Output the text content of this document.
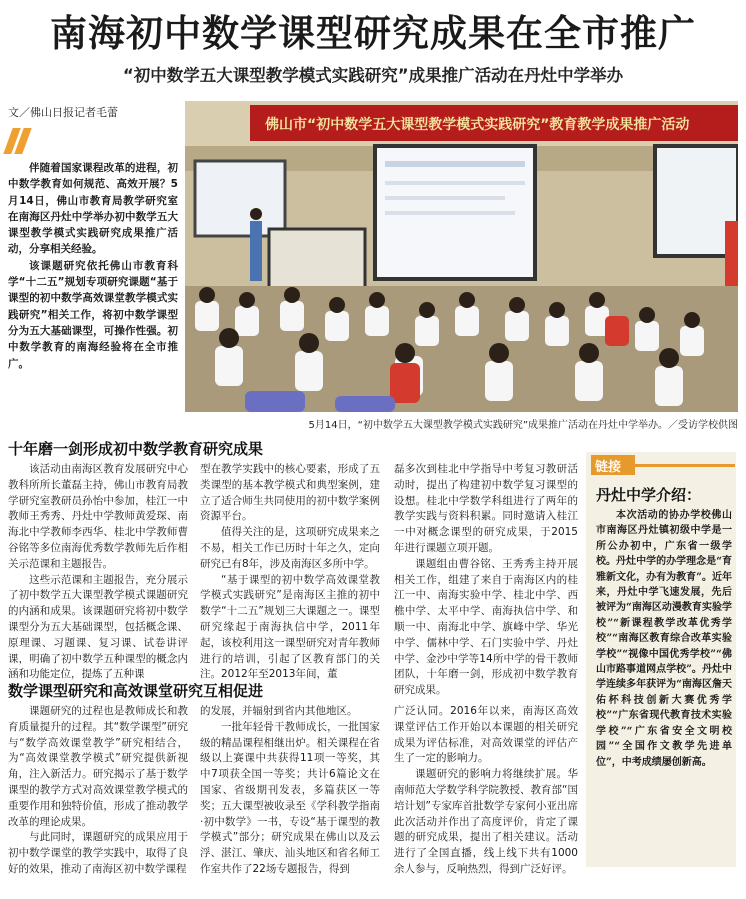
南海初中数学课型研究成果在全市推广
“初中数学五大课型教学模式实践研究”成果推广活动在丹灶中学举办
文／佛山日报记者毛蕾

伴随着国家课程改革的进程，初中数学教育如何规范、高效开展？5月14日，佛山市教育局教学研究室在南海区丹灶中学举办初中数学五大课型教学模式实践研究成果推广活动，分享相关经验。

该课题研究依托佛山市教育科学“十二五”规划专项研究课题“基于课型的初中数学高效课堂教学模式实践研究”相关工作，将初中数学课型分为五大基础课型，可操作性强。初中数学教育的南海经验将在全市推广。

佛山市“初中数学五大课型教学模式实践研究”教育教学成果推广活动
5月14日，“初中数学五大课型教学模式实践研究”成果推广活动在丹灶中学举办。／受访学校供图
十年磨一剑形成初中数学教育研究成果

该活动由南海区教育发展研究中心教科所所长董磊主持，佛山市教育局教学研究室教研员孙怡中参加，桂江一中教师王秀秀、丹灶中学教师黄爱琛、南海北中学教师李西华、桂北中学教师曹谷铭等多位南海优秀数学教师先后作相关示范课和主题报告。

这些示范课和主题报告，充分展示了初中数学五大课型教学模式课题研究的内涵和成果。该课题研究将初中数学课型分为五大基础课型，包括概念课、原理课、习题课、复习课、试卷讲评课，明确了初中数学五种课型的概念内涵和功能定位，提炼了五种课

型在教学实践中的核心要素，形成了五类课型的基本教学模式和典型案例，建立了适合师生共同使用的初中数学案例资源平台。

值得关注的是，这项研究成果来之不易，相关工作已历时十年之久，定向研究已有8年，涉及南海区多所中学。

“基于课型的初中数学高效课堂教学模式实践研究”是南海区主推的初中数学“十二五”规划三大课题之一。课型研究缘起于南海执信中学，2011年起，该校利用这一课型研究对青年教师进行的培训，引起了区教育部门的关注。2012年至2013年间，董

磊多次到桂北中学指导中考复习教研活动时，提出了构建初中数学复习课型的设想。桂北中学数学科组进行了两年的教学实践与资料积累。同时邀请入桂江一中对概念课型的研究成果，于2015年进行课题立项开题。

课题组由曹谷铭、王秀秀主持开展相关工作，组建了来自于南海区内的桂江一中、南海实验中学、桂北中学、西樵中学、太平中学、南海执信中学、和顺一中、南海北中学、旗峰中学、华光中学、儒林中学、石门实验中学、丹灶中学、金沙中学等14所中学的骨干教师团队，十年磨一剑，形成初中数学教育研究成果。

数学课型研究和高效课堂研究互相促进

课题研究的过程也是教师成长和教育质量提升的过程。其“数学课型”研究与“数学高效课堂教学”研究相结合，为“高效课堂教学模式”研究提供新视角，注入新活力。研究揭示了基于数学课型的教学方式对高效课堂教学模式的重要作用和独特价值，形成了推动教学改革的理论成果。

与此同时，课题研究的成果应用于初中数学课堂的教学实践中，取得了良好的效果，推动了南海区初中数学课程

的发展，并辐射到省内其他地区。

一批年轻骨干教师成长，一批国家级的精品课程相继出炉。相关课程在省级以上赛课中共获得11项一等奖，其中7项获全国一等奖；共计6篇论文在国家、省级期刊发表，多篇获区一等奖；五大课型被收录至《学科教学指南·初中数学》一书，专设“基于课型的教学模式”部分；研究成果在佛山以及云浮、湛江、肇庆、汕头地区和省名师工作室共作了22场专题报告，得到

广泛认同。2016年以来，南海区高效课堂评估工作开始以本课题的相关研究成果为评估标准，对高效课堂的评估产生了一定的影响力。

课题研究的影响力将继续扩展。华南师范大学数学科学院教授、教育部“国培计划”专家库首批数学专家何小亚出席此次活动并作出了高度评价，肯定了课题的研究成果，提出了相关建议。活动进行了全国直播，线上线下共有1000余人参与，反响热烈，得到广泛好评。

链接
丹灶中学介绍：

本次活动的协办学校佛山市南海区丹灶镇初级中学是一所公办初中，广东省一级学校。丹灶中学的办学理念是“育雅新文化，办有为教育”。近年来，丹灶中学飞速发展，先后被评为“南海区动漫教育实验学校”“新课程教学改革优秀学校”“南海区教育综合改革实验学校”“视像中国优秀学校”“佛山市路事道网点学校”。丹灶中学连续多年获评为“南海区詹天佑杯科技创新大赛优秀学校”“广东省现代教育技术实验学校”“广东省安全文明校园”“全国作文教学先进单位”，中考成绩屡创新高。
